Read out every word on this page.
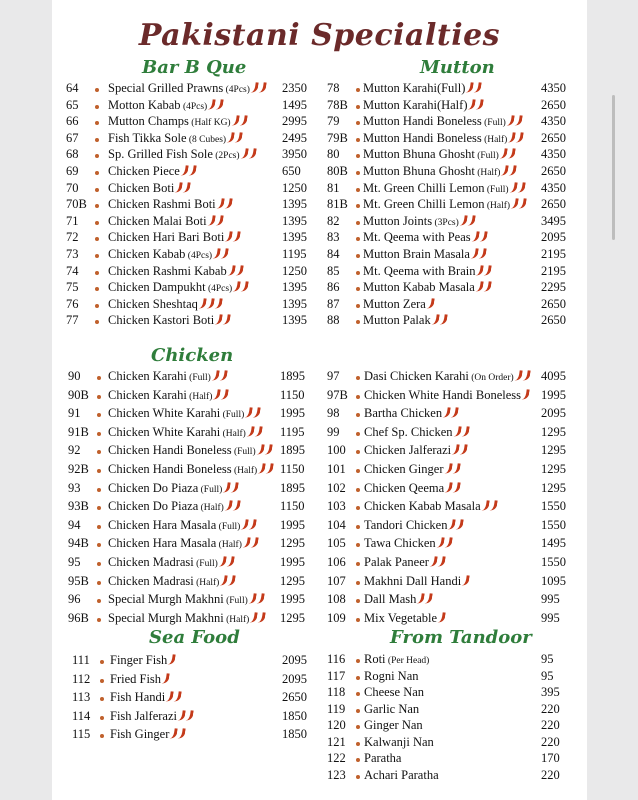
Pakistani Specialties
Bar B Que	Mutton
Chicken
Sea Food	From Tandoor
64 Special Grilled Prawns (4Pcs)	2350
65 Motton Kabab (4Pcs)	1495
66 Mutton Champs (Half KG)	2995
67 Fish Tikka Sole (8 Cubes)	2495
68 Sp. Grilled Fish Sole (2Pcs)	3950
69 Chicken Piece	650
70 Chicken Boti	1250
70B Chicken Rashmi Boti	1395
71 Chicken Malai Boti	1395
72 Chicken Hari Bari Boti	1395
73 Chicken Kabab (4Pcs)	1195
74 Chicken Rashmi Kabab	1250
75 Chicken Dampukht (4Pcs)	1395
76 Chicken Sheshtaq	1395
77 Chicken Kastori Boti	1395
78 Mutton Karahi(Full)	4350
78B Mutton Karahi(Half)	2650
79 Mutton Handi Boneless (Full)	4350
79B Mutton Handi Boneless (Half)	2650
80 Mutton Bhuna Ghosht (Full)	4350
80B Mutton Bhuna Ghosht (Half)	2650
81 Mt. Green Chilli Lemon (Full)	4350
81B Mt. Green Chilli Lemon (Half)	2650
82 Mutton Joints (3Pcs)	3495
83 Mt. Qeema with Peas	2095
84 Mutton Brain Masala	2195
85 Mt. Qeema with Brain	2195
86 Mutton Kabab Masala	2295
87 Mutton Zera	2650
88 Mutton Palak	2650
90 Chicken Karahi (Full)	1895
90B Chicken Karahi (Half)	1150
91 Chicken White Karahi (Full)	1995
91B Chicken White Karahi (Half)	1195
92 Chicken Handi Boneless (Full)	1895
92B Chicken Handi Boneless (Half)	1150
93 Chicken Do Piaza (Full)	1895
93B Chicken Do Piaza (Half)	1150
94 Chicken Hara Masala (Full)	1995
94B Chicken Hara Masala (Half)	1295
95 Chicken Madrasi (Full)	1995
95B Chicken Madrasi (Half)	1295
96 Special Murgh Makhni (Full)	1995
96B Special Murgh Makhni (Half)	1295
97 Dasi Chicken Karahi (On Order)	4095
97B Chicken White Handi Boneless	1995
98 Bartha Chicken	2095
99 Chef Sp. Chicken	1295
100 Chicken Jalferazi	1295
101 Chicken Ginger	1295
102 Chicken Qeema	1295
103 Chicken Kabab Masala	1550
104 Tandori Chicken	1550
105 Tawa Chicken	1495
106 Palak Paneer	1550
107 Makhni Dall Handi	1095
108 Dall Mash	995
109 Mix Vegetable	995
111 Finger Fish	2095
112 Fried Fish	2095
113 Fish Handi	2650
114 Fish Jalferazi	1850
115 Fish Ginger	1850
116 Roti (Per Head)	95
117 Rogni Nan	95
118 Cheese Nan	395
119 Garlic Nan	220
120 Ginger Nan	220
121 Kalwanji Nan	220
122 Paratha	170
123 Achari Paratha	220
